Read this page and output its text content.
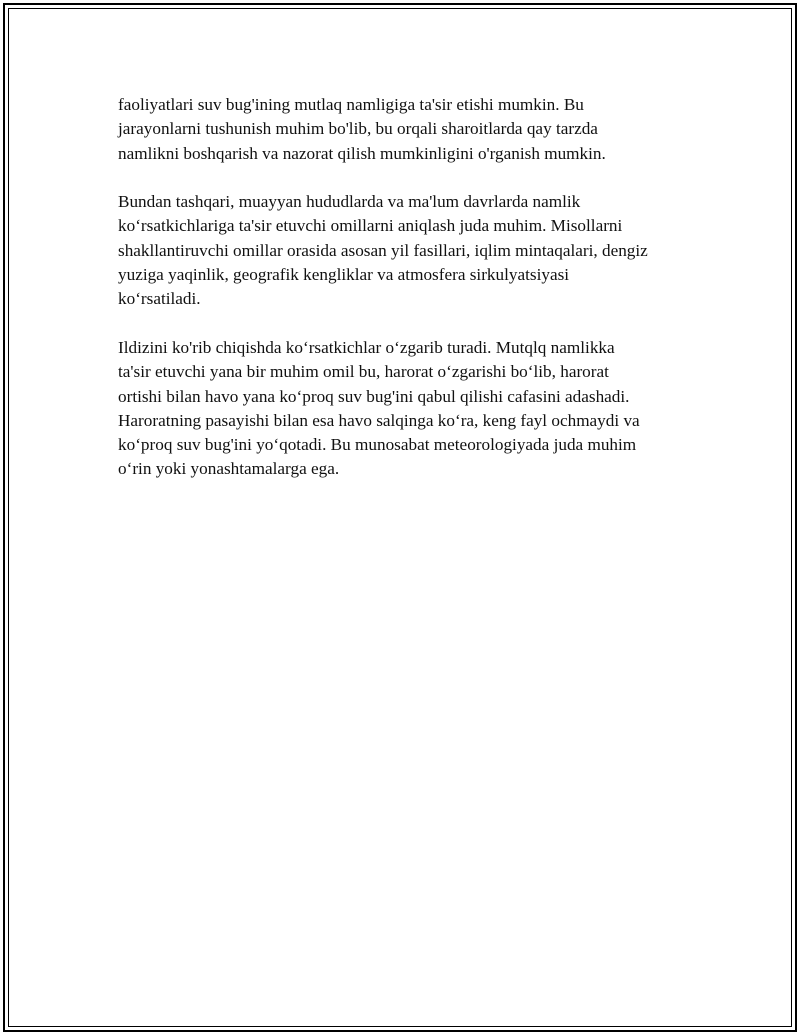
faoliyatlari suv bug'ining mutlaq namligiga ta'sir etishi mumkin. Bu
jarayonlarni tushunish muhim bo'lib, bu orqali sharoitlarda qay tarzda
namlikni boshqarish va nazorat qilish mumkinligini o'rganish mumkin.

Bundan tashqari, muayyan hududlarda va ma'lum davrlarda namlik
ko‘rsatkichlariga ta'sir etuvchi omillarni aniqlash juda muhim. Misollarni
shakllantiruvchi omillar orasida asosan yil fasillari, iqlim mintaqalari, dengiz
yuziga yaqinlik, geografik kengliklar va atmosfera sirkulyatsiyasi
ko‘rsatiladi.

Ildizini ko'rib chiqishda ko‘rsatkichlar o‘zgarib turadi. Mutqlq namlikka
ta'sir etuvchi yana bir muhim omil bu, harorat o‘zgarishi bo‘lib, harorat
ortishi bilan havo yana ko‘proq suv bug'ini qabul qilishi cafasini adashadi.
Haroratning pasayishi bilan esa havo salqinga ko‘ra, keng fayl ochmaydi va
ko‘proq suv bug'ini yo‘qotadi. Bu munosabat meteorologiyada juda muhim
o‘rin yoki yonashtamalarga ega.
